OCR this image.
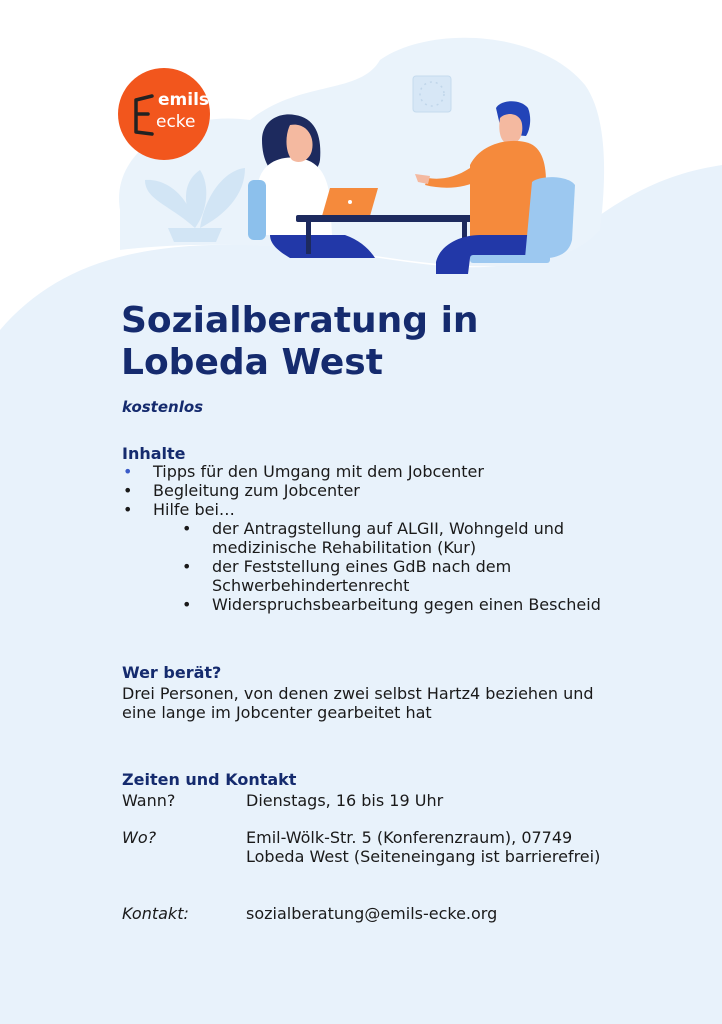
emils
ecke
Sozialberatung in
Lobeda West
kostenlos
Inhalte
• Tipps für den Umgang mit dem Jobcenter
• Begleitung zum Jobcenter
• Hilfe bei…
• der Antragstellung auf ALGII, Wohngeld und medizinische Rehabilitation (Kur)
• der Feststellung eines GdB nach dem Schwerbehindertenrecht
• Widerspruchsbearbeitung gegen einen Bescheid
Wer berät?
Drei Personen, von denen zwei selbst Hartz4 beziehen und eine lange im Jobcenter gearbeitet hat
Zeiten und Kontakt
Wann?	Dienstags, 16 bis 19 Uhr
Wo?	Emil-Wölk-Str. 5 (Konferenzraum), 07749 Lobeda West (Seiteneingang ist barrierefrei)
Kontakt:	sozialberatung@emils-ecke.org
